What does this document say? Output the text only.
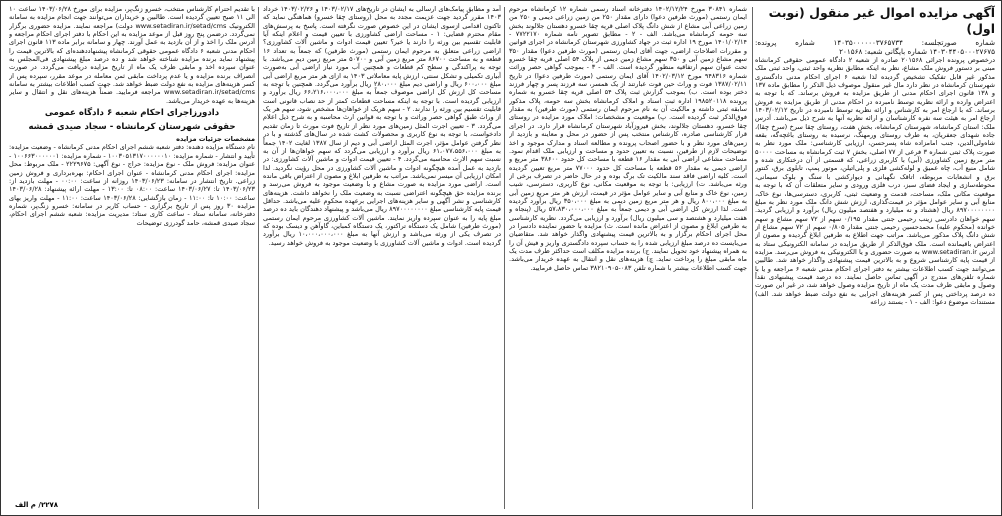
آگهی مزایده اموال غیر منقول (نوبت اول)

شماره صورتجلسه: ۱۴۰۳۵۰۰۰۰۰۰۳۷۶۵۷۳۴ شماره پرونده: ۱۴۰۳۰۴۴۰۵۰۰۰۲۷۶۷۵ شماره بایگانی شعبه: ۲۰۱۵۶۸

درخصوص پرونده اجرائی ۲۰۱۵۶۸ صادره از شعبه ۲ دادگاه عمومی حقوقی کرمانشاه مبنی بر دستور فروش ملک مشاع، نظر به اینکه مطابق نظریه واحد ثبتی، واحد ثبتی ملک مذکور غیر قابل تفکیک تشخیص گردیده لذا شعبه ۶ اجرای احکام مدنی دادگستری شهرستان کرمانشاه در نظر دارد مال غیر منقول موصوف ذیل الذکر را مطابق ماده ۱۳۷ و ۱۳۸ قانون اجرای احکام مدنی از طریق مزایده به فروش برساند. که با توجه به اعتراض وارده و ارائه نظریه توسط نامبرده در احکام مدنی از طریق مزایده به فروش برساند. که با ارجاع امر به کارشناس و ارائه نظریه توسط نامبرده در تاریخ ۱۴۰۳/۰۲/۱۲ ارجاع امر به هیئت سه نفره کارشناسان و ارائه نظریه آنها به شرح ذیل می‌باشد. آدرس ملک: استان کرمانشاه، شهرستان کرمانشاه، بخش هفت، روستای چقا سرخ (سرخ چقا)، جاده شهدای جعفریان، به طرف روستای ورمهنگ، نرسیده به روستای باغچه‌گه، بقعه شاه‌ولی‌الدین، جنب امامزاده شاه پسرحسن، ارزیابی کارشناسی: ملک مورد نظر به صورت پلاک ثبتی شماره ۳ فرعی از ۷۷ اصلی، بخش ۷ ثبت کرمانشاه به مساحت ۵۰۰۰۰ متر مربع زمین کشاورزی (آبی) با کاربری زراعی، که قسمتی از آن درختکاری شده و شامل منبع آب، چاه عمیق و لوله‌کشی فلزی و پلی‌اتیلن، موتور پمپ، تابلوی برق، کنتور برق و انشعابات مربوطه، اتاقک نگهبانی و دیوارکشی با سنگ و بلوک سیمانی، محوطه‌سازی و ایجاد فضای سبز، درب فلزی ورودی و سایر متعلقات آن که با توجه به موقعیت مکانی ملک، مساحت، قدمت و وضعیت ثبتی، کاربری، دسترسی‌ها، نوع خاک، منابع آبی و سایر عوامل مؤثر در قیمت‌گذاری، ارزش شش دانگ ملک مورد نظر به مبلغ ۸۹۷۰۰۰۰۰۰۰۰ ریال (هشتاد و نه میلیارد و هفتصد میلیون ریال) برآورد و ارزیابی گردید. سهم خواهان دادرسی زینب رحیمی جنتی مقدار ۰/۱۹۵ سهم از ۷۲ سهم مشاع و سهم خوانده (محکوم علیه) محمدحسین رحیمی جنتی مقدار ۰/۸۰۵ سهم از ۷۲ سهم مشاع از شش دانگ پلاک مذکور می‌باشد. مراتب جهت اطلاع به طرفین ابلاغ گردیده و مصون از اعتراض باقیمانده است. ملک فوق‌الذکر از طریق مزایده در سامانه الکترونیکی ستاد به آدرس www.setadiran.ir به صورت حضوری و یا الکترونیکی به فروش می‌رسد. مزایده از قیمت پایه کارشناسی شروع و به بالاترین قیمت پیشنهادی واگذار خواهد شد. طالبین می‌توانند جهت کسب اطلاعات بیشتر به دفتر اجرای احکام مدنی شعبه ۶ مراجعه و یا با شماره تلفن‌های مندرج در آگهی تماس حاصل نمایند. ده درصد قیمت پیشنهادی نقداً وصول و مابقی ظرف مدت یک ماه از تاریخ مزایده وصول خواهد شد، در غیر این صورت ده درصد پرداختی پس از کسر هزینه‌های اجرایی به نفع دولت ضبط خواهد شد. الف) مستندات موضوع دعوا: الف - ۱ - بستند زراعه

شماره ۳۰۸۴۱ مورخ ۱۴۰۲/۱۲/۲۴ دفترخانه اسناد رسمی شماره ۱۲ کرمانشاه مرحوم ایمان رستمی (مورث طرفین دعوا) دارای مقدار ۲۵۰ من زمین زراعی دیمی و ۲۵۰ من زمین زراعی آبی مشاع از شش دانگ پلاک اصلی قریه چقا خسرو دهستان جلالوند بخش سه حومه کرمانشاه می‌باشد. الف - ۲ - مطابق تصویر نامه شماره ۷۷۲۲۱۷۰ - ۱۴۰۱/۰۲/۱۴ مورخ ۱۹ اداره ثبت در جهاد کشاورزی شهرستان کرمانشاه در اجرای قوانین و مقررات اصلاحات اراضی، جهت آقای ایمان رستمی (مورث طرفین دعوا) مقدار ۳۵۰ سهم مشاع زمین آبی و ۳۵۰ سهم مشاع زمین دیمی از پلاک ۵۴ اصلی قریه چقا خسرو تحت عنوان سهم ارتفاقیه منظور گردیده است. الف - ۳ - بموجب گواهی حصر وراثت شماره ۹۴۸۳۱۶ مورخ ۱۴۰۲/۰۳/۱۲ آقای ایمان رستمی (مورث طرفین دعوا) در تاریخ ۱۳۸۷/۰۲/۱۱ فوت و وراث حین فوت عبارتند از یک همسر، سه فرزند پسر و چهار فرزند دختر بوده است. ب) بموجب گزارش ثبت پلاک ۵۴ اصلی قریه چقا خسرو به شماره پرونده ۱۹۸۵۲۰۱۱۸ اداره ثبت اسناد و املاک کرمانشاه بخش سه حومه، پلاک مذکور سابقه ثبتی داشته و مالکیت آن به نام مرحوم ایمان رستمی (مورث طرفین) به مقدار فوق‌الذکر ثبت گردیده است. پ) موقعیت و مشخصات: املاک مورد مزایده در روستای چقا خسرو، دهستان جلالوند، بخش فیروزآباد شهرستان کرمانشاه قرار دارد. در اجرای قرار کارشناسی صادره، کارشناس منتخب پس از حضور در محل و معاینه و بازدید از زمین‌های مورد نظر و با حضور اصحاب پرونده و مطالعه اسناد و مدارک موجود و اخذ توضیحات لازم از طرفین، نسبت به تعیین حدود و مساحت و ارزیابی ملک اقدام نمود. مساحت مشاعی اراضی آبی به مقدار ۱۶ قطعه با مساحت کل حدود ۳۸۶۰۰ متر مربع و اراضی دیمی به مقدار ۵۶ قطعه با مساحت کل حدود ۷۷۰۰۰ متر مربع تعیین گردیده است. کلیه اراضی فاقد سند مالکیت تک برگ بوده و در حال حاضر در تصرف برخی از ورثه می‌باشد. ت) ارزیابی: با توجه به موقعیت مکانی، نوع کاربری، دسترسی، شیب زمین، نوع خاک و منابع آبی و سایر عوامل مؤثر در قیمت، ارزش هر متر مربع زمین آبی به مبلغ ۸۰۰،۰۰۰ ریال و هر متر مربع زمین دیمی به مبلغ ۳۵۰،۰۰۰ ریال برآورد گردیده است. لذا ارزش کل اراضی آبی و دیمی جمعاً به مبلغ ۵۷،۸۳۰،۰۰۰،۰۰۰ ریال (پنجاه و هفت میلیارد و هشتصد و سی میلیون ریال) برآورد و ارزیابی می‌گردد. نظریه کارشناسی به طرفین ابلاغ و مصون از اعتراض مانده است. ث) مزایده با حضور نماینده دادسرا در محل اجرای احکام برگزار و به بالاترین قیمت پیشنهادی واگذار خواهد شد. متقاضیان می‌بایست ده درصد مبلغ ارزیابی شده را به حساب سپرده دادگستری واریز و فیش آن را به همراه پیشنهاد خود تحویل نمایند. ج) برنده مزایده مکلف است حداکثر ظرف مدت یک ماه مابقی مبلغ را پرداخت نماید. چ) هزینه‌های نقل و انتقال به عهده خریدار می‌باشد. جهت کسب اطلاعات بیشتر با شماره تلفن ۰۸۳-۳۸۲۱۰۹۰۵ تماس حاصل فرمایید.

آمد و مطابق پیامک‌های ارسالی به ایشان در تاریخ‌های ۱۴۰۳/۰۲/۱۷ و ۱۴۰۳/۰۲/۲۶ خرداد ۱۴۰۳ مقرر گردید جهت عزیمت مجدد به محل (روستای چقا خسرو) هماهنگی نماید که تاکنون اقدامی ازسوی ایشان در این خصوص صورت نگرفته است. پاسخ به پرسش‌های مقام محترم قضایی: ۱ - مساحت اراضی کشاورزی با تعیین قیمت و اعلام اینکه آیا قابلیت تقسیم بین ورثه را دارند یا خیر؟ تعیین قیمت ادوات و ماشین آلات کشاورزی؟ اراضی زراعی متعلق به مرحوم ایمان رستمی (مورث طرفین) که جمعاً به تعداد ۱۶ قطعه و به مساحت ۸۶۷۰۰ متر مربع زمین آبی و ۵۰۷۰۰ متر مربع زمین دیم می‌باشد. با توجه به پراکندگی و سطح کم قطعات و همچنین آب مورد نیاز اراضی آبی به‌صورت آبیاری تکمیلی و تشکل سنتی، ارزش پایه معاملاتی ۱۴۰۳ به ازای هر متر مربع اراضی آبی مبلغ ۶۰۰،۰۰۰ ریال و اراضی دیم مبلغ ۲۸۰،۰۰۰ ریال برآورد می‌گردد. همچنین با توجه به مساحت کل ارزش کل اراضی موصوف جمعاً به مبلغ ۶۶،۲۱۶،۰۰۰،۰۰۰ ریال برآورد و ارزیابی گردیده است. با توجه به اینکه مساحت قطعات کمتر از حد نصاب قانونی است قابلیت تقسیم بین ورثه را ندارند. ۲ - سهم هریک از خواهان‌ها مشخص شود، سهم هر یک از وراث طبق گواهی حصر وراثت و با توجه به قوانین ارث محاسبه و به شرح ذیل اعلام می‌گردد. ۳ - تعیین اجرت المثل زمین‌های مورد نظر از تاریخ فوت مورث تا زمان تقدیم دادخواست، با توجه به نوع کاربری و محصولات کشت شده در سال‌های گذشته و با در نظر گرفتن عوامل مؤثر، اجرت المثل اراضی آبی و دیم از سال ۱۳۸۷ لغایت ۱۴۰۲ جمعاً به مبلغ ۶۱،۰۷۷،۵۵۶،۰۰۰ ریال برآورد و ارزیابی می‌گردد که سهم خواهان‌ها از آن به نسبت سهم الارث محاسبه می‌گردد. ۴ - تعیین قیمت ادوات و ماشین آلات کشاورزی: در بازدید به عمل آمده هیچگونه ادوات و ماشین آلات کشاورزی در محل رؤیت نگردید. لذا امکان ارزیابی آن میسر نمی‌باشد. مراتب به طرفین ابلاغ و مصون از اعتراض باقی مانده است. اراضی مورد مزایده به صورت مشاع و با وضعیت موجود به فروش می‌رسد و برنده مزایده حق هیچگونه اعتراضی نسبت به وضعیت ملک را نخواهد داشت. هزینه‌های کارشناسی و نشر آگهی و سایر هزینه‌های اجرایی برعهده محکوم علیه می‌باشد. حداقل قیمت پایه کارشناسی مبلغ ۸۹۷۰۰۰۰۰۰۰۰ ریال می‌باشد و پیشنهاد دهندگان باید ده درصد مبلغ پایه را به عنوان سپرده واریز نمایند. ماشین آلات کشاورزی مرحوم ایمان رستمی (مورث طرفین) شامل یک دستگاه تراکتور، یک دستگاه کمباین، گاوآهن و دیسک بوده که در تصرف یکی از ورثه می‌باشد و ارزش آنها به مبلغ ۱۰،۰۰۰،۰۰۰،۰۰۰ ریال برآورد گردیده است. ادوات و ماشین آلات کشاورزی با وضعیت موجود به فروش خواهد رسید.

با تقدیم احترام کارشناس منتخب، خسرو زنگ‌پر، مزایده برای مورخ ۱۴۰۳/۰۶/۲۸ ساعت ۱۰ الی ۱۱ صبح تعیین گردیده است. طالبین و خریداران می‌توانند جهت انجام مزایده به سامانه الکترونیک www.setadiran.ir/setad/cms دولت) مراجعه نمایند. مزایده حضوری برگزار نمی‌گردد. درضمن پنج روز قبل از موعد مزایده به این احکام با دفتر اجرای احکام مراجعه و آدرس ملک را اخذ و از آن بازدید به عمل آورند. چهار و سامانه برابر ماده ۱۱۳ قانون اجرای احکام مدنی شعبه ۶ دادگاه عمومی حقوقی کرمانشاه پیشنهاد‌دهنده‌ای که بالاترین قیمت را پیشنهاد نماید برنده مزایده شناخته خواهد شد و ده درصد مبلغ پیشنهادی فی‌المجلس به عنوان سپرده اخذ و مابقی ظرف یک ماه از تاریخ مزایده دریافت می‌گردد. در صورت انصراف برنده مزایده و یا عدم پرداخت مابقی ثمن معامله در موعد مقرر، سپرده پس از کسر هزینه‌های مزایده به نفع دولت ضبط خواهد شد. جهت کسب اطلاعات بیشتر به سامانه www.setadiran.ir/setad/cms مراجعه فرمایید. ضمناً هزینه‌های نقل و انتقال و سایر هزینه‌ها به عهده خریدار می‌باشد.

دادورزاجرای احکام شعبه ۶ دادگاه عمومی
حقوقی شهرستان کرمانشاه - سجاد صیدی قمشه

مشخصات جزئیات مزایده

نام دستگاه مزایده دهنده: دفتر شعبه ششم اجرای احکام مدنی کرمانشاه - وضعیت مزایده: تأیید و انتشار - شماره مزایده: ۱۰۰۳۰۵۱۳۱۷۰۰۰۰۰۰۱۰ - شماره مزایده: ۱۰۰۶۶۳۰۰۰۰۰۰۱ - عنوان مزایده: فروش ملک - نوع مزایده: حراج - نوع آگهی: ۲۲۲۹۶۷۵ - ملک مربوط: محل مزایده: اجرای احکام مدنی کرمانشاه - عنوان اجرای احکام: بهره‌برداری و فروش زمین زراعی. تاریخ انتشار در سامانه: ۱۴۰۳/۰۶/۲۳ روزانه از ساعت: ۰۰:۰۰ - مهلت بازدید از: ۱۴۰۳/۰۶/۲۳ تا: ۱۴۰۳/۰۶/۲۷ ساعت: ۰۸:۰۰ تا: ۱۳:۰۰ - مهلت ارائه پیشنهاد: ۱۴۰۳/۰۶/۲۸ ساعت: ۱۰:۰۰ تا: ۱۱:۰۰ - زمان بازگشایی: ۱۴۰۳/۰۶/۲۸ ساعت: ۱۱:۰۰ - مهلت واریز بهای مزایده ۳۰ روز پس از تاریخ برگزاری - حساب کاربر در سامانه: خسرو زنگ‌پر، شماره دفترخانه، سامانه ستاد - ساعت کاری ستاد: مدیریت مزایده: شعبه ششم اجرای احکام، سجاد صیدی قمشه، حامد گودرزی توضیحات

۲۲۷۸/ م الف
